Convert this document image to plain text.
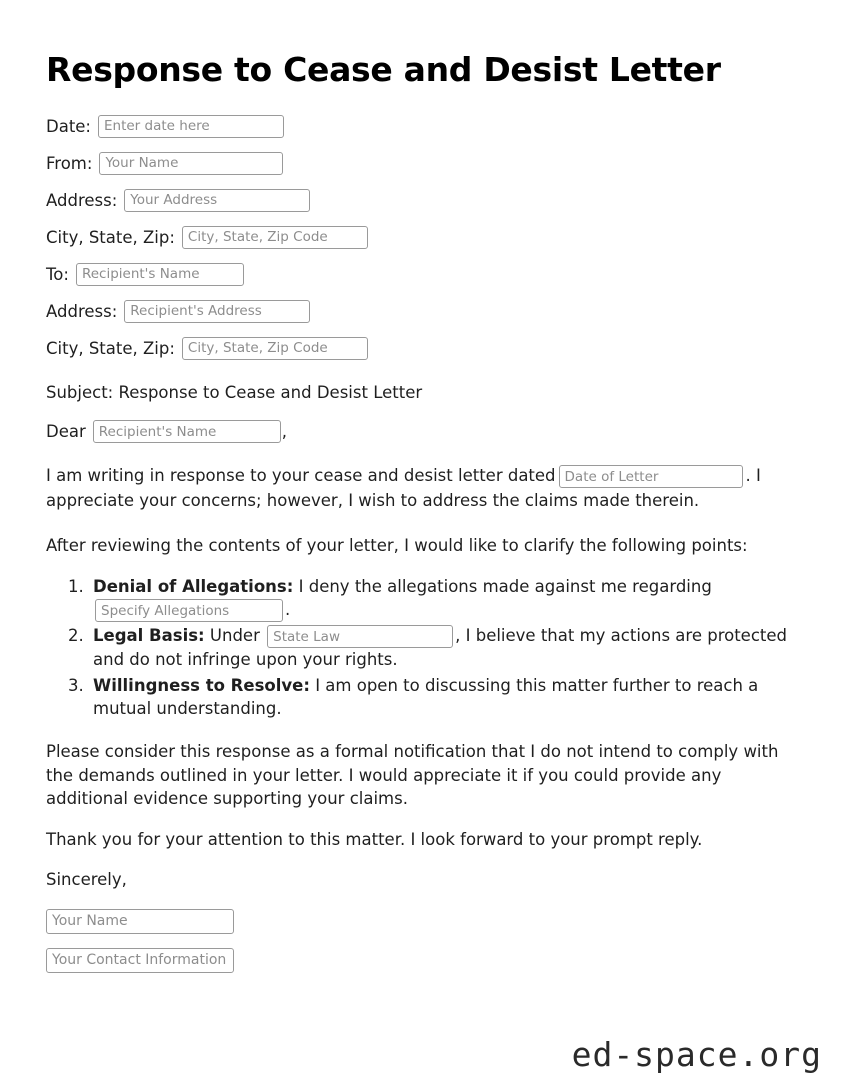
Response to Cease and Desist Letter
Date:
Enter date here
From:
Your Name
Address:
Your Address
City, State, Zip:
City, State, Zip Code
To:
Recipient's Name
Address:
Recipient's Address
City, State, Zip:
City, State, Zip Code
Subject: Response to Cease and Desist Letter
Dear
Recipient's Name	,

I am writing in response to your cease and desist letter datedDate of Letter	. I appreciate your concerns; however, I wish to address the claims made therein.

After reviewing the contents of your letter, I would like to clarify the following points:

1. Denial of Allegations: I deny the allegations made against me regarding Specify Allegations.
2. Legal Basis: Under State Law	, I believe that my actions are protected and do not infringe upon your rights.
3. Willingness to Resolve: I am open to discussing this matter further to reach a mutual understanding.

Please consider this response as a formal notification that I do not intend to comply with the demands outlined in your letter. I would appreciate it if you could provide any additional evidence supporting your claims.

Thank you for your attention to this matter. I look forward to your prompt reply.

Sincerely,

Your Name
Your Contact Information
ed-space.org
